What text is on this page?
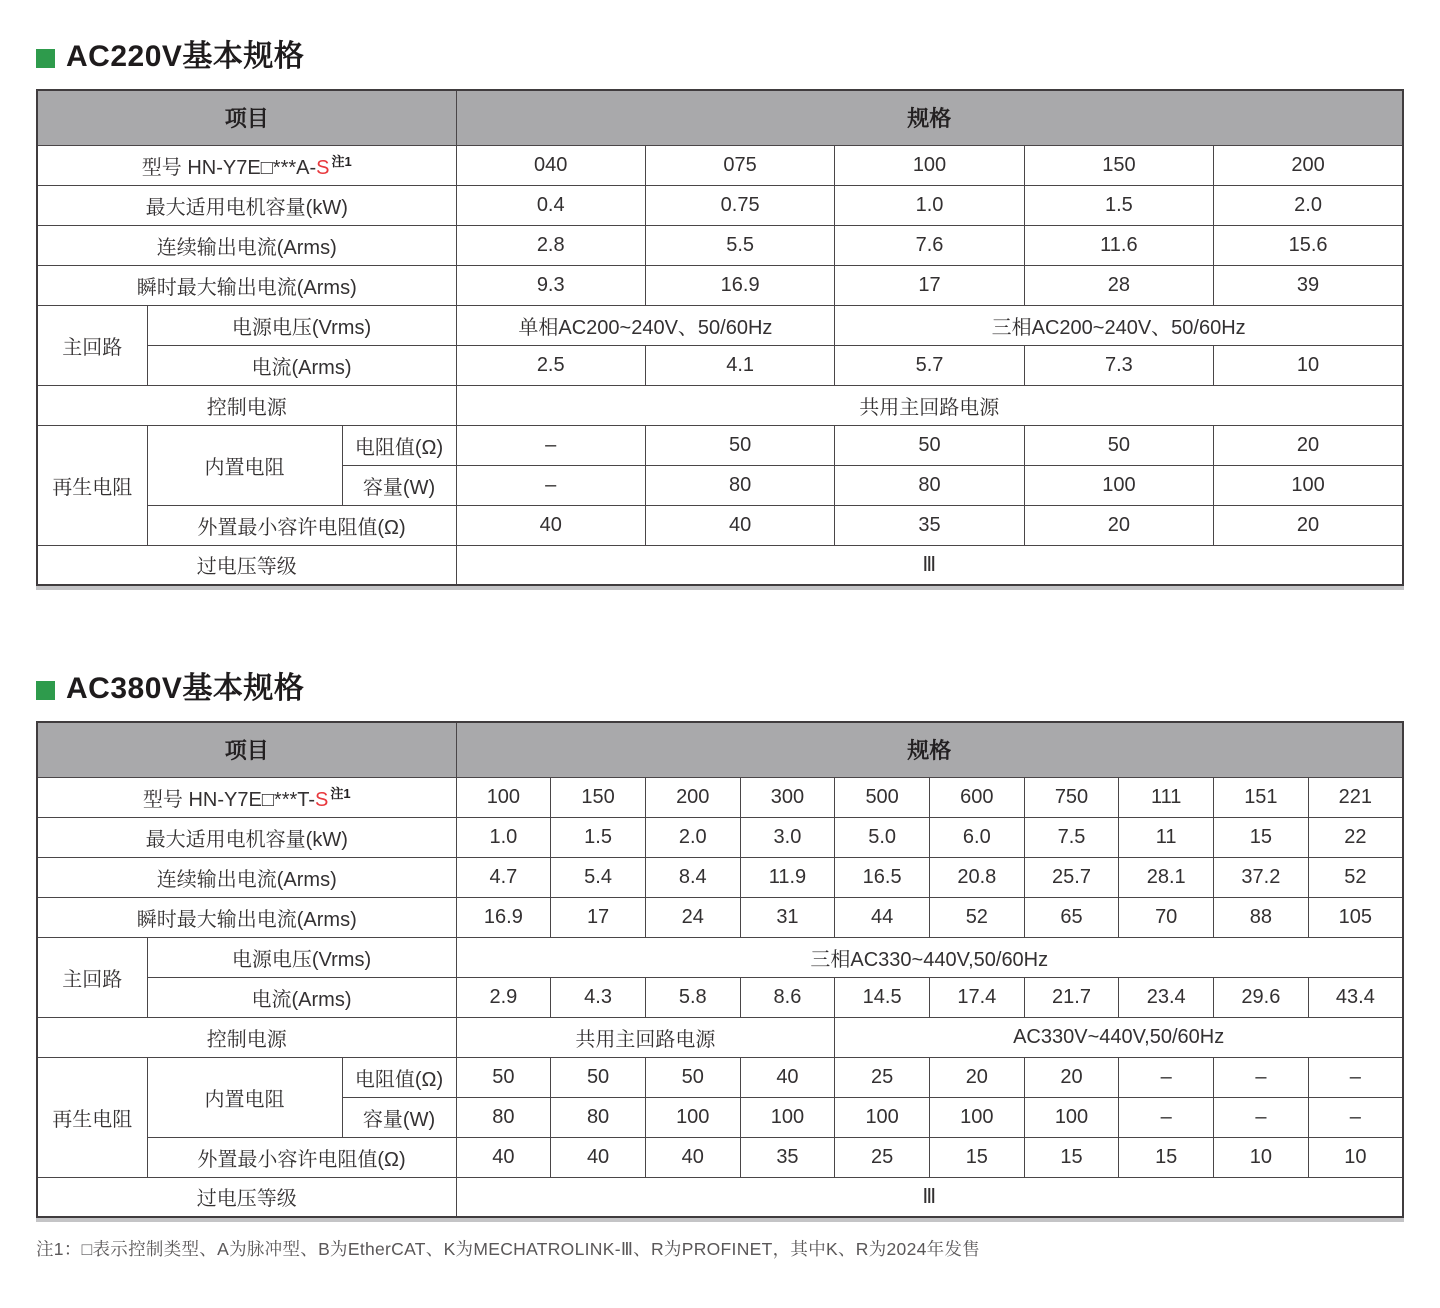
AC220V基本规格
项目			规格				
型号 HN-Y7E□***A-S $^{注1}$			040	075	100	150	200
最大适用电机容量(kW)			0.4	0.75	1.0	1.5	2.0
连续输出电流(Arms)			2.8	5.5	7.6	11.6	15.6
瞬时最大输出电流(Arms)			9.3	16.9	17	28	39
主回路	电源电压(Vrms)		单相AC200~240V、50/60Hz		三相AC200~240V、50/60Hz		
	电流(Arms)		2.5	4.1	5.7	7.3	10
控制电源			共用主回路电源				
再生电阻	内置电阻	电阻值(Ω)	–	50	50	50	20
		容量(W)	–	80	80	100	100
	外置最小容许电阻值(Ω)		40	40	35	20	20
过电压等级			Ⅲ				
AC380V基本规格
项目			规格									
型号 HN-Y7E□***T-S $^{注1}$			100	150	200	300	500	600	750	111	151	221
最大适用电机容量(kW)			1.0	1.5	2.0	3.0	5.0	6.0	7.5	11	15	22
连续输出电流(Arms)			4.7	5.4	8.4	11.9	16.5	20.8	25.7	28.1	37.2	52
瞬时最大输出电流(Arms)			16.9	17	24	31	44	52	65	70	88	105
主回路	电源电压(Vrms)		三相AC330~440V,50/60Hz									
	电流(Arms)		2.9	4.3	5.8	8.6	14.5	17.4	21.7	23.4	29.6	43.4
控制电源			共用主回路电源				AC330V~440V,50/60Hz					
再生电阻	内置电阻	电阻值(Ω)	50	50	50	40	25	20	20	–	–	–
		容量(W)	80	80	100	100	100	100	100	–	–	–
	外置最小容许电阻值(Ω)		40	40	40	35	25	15	15	15	10	10
过电压等级			Ⅲ									

注1：□表示控制类型、A为脉冲型、B为EtherCAT、K为MECHATROLINK-Ⅲ、R为PROFINET，其中K、R为2024年发售
